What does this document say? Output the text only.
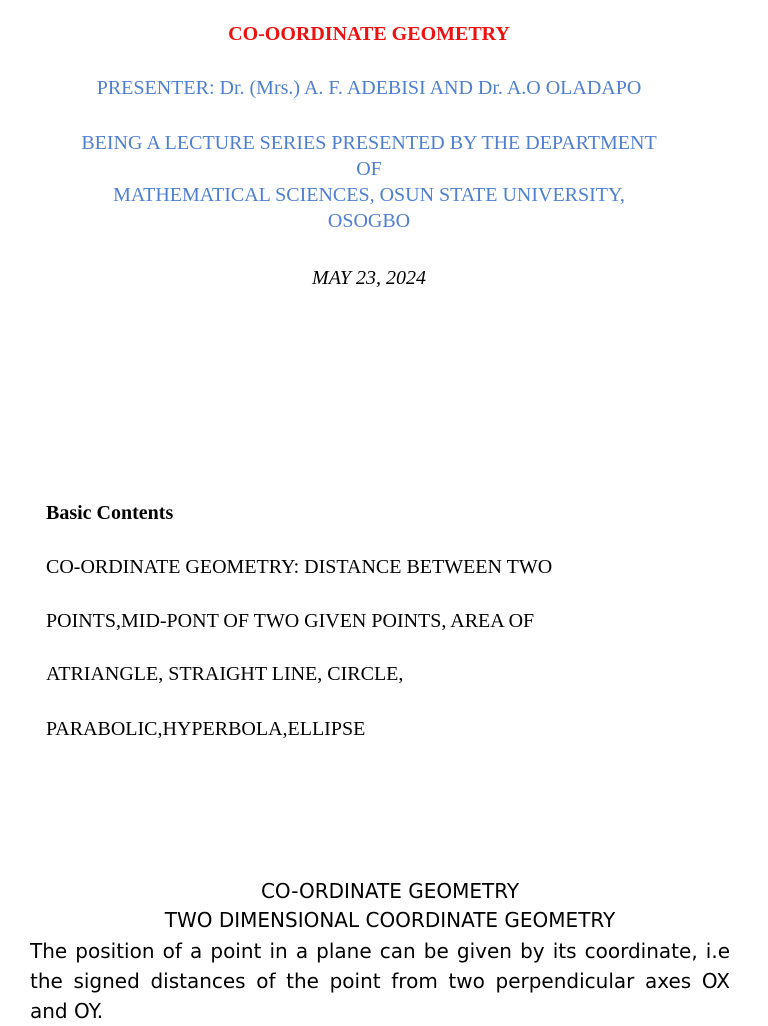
CO-OORDINATE GEOMETRY
PRESENTER: Dr. (Mrs.) A. F. ADEBISI AND Dr. A.O OLADAPO
BEING A LECTURE SERIES PRESENTED BY THE DEPARTMENT
OF
MATHEMATICAL SCIENCES, OSUN STATE UNIVERSITY,
OSOGBO
MAY 23, 2024
Basic Contents
CO-ORDINATE GEOMETRY: DISTANCE BETWEEN TWO
POINTS,MID-PONT OF TWO GIVEN POINTS, AREA OF
ATRIANGLE, STRAIGHT LINE, CIRCLE,
PARABOLIC,HYPERBOLA,ELLIPSE
CO-ORDINATE GEOMETRY
TWO DIMENSIONAL COORDINATE GEOMETRY
The position of a point in a plane can be given by its coordinate, i.e the signed distances of the point from two perpendicular axes OX and OY.
